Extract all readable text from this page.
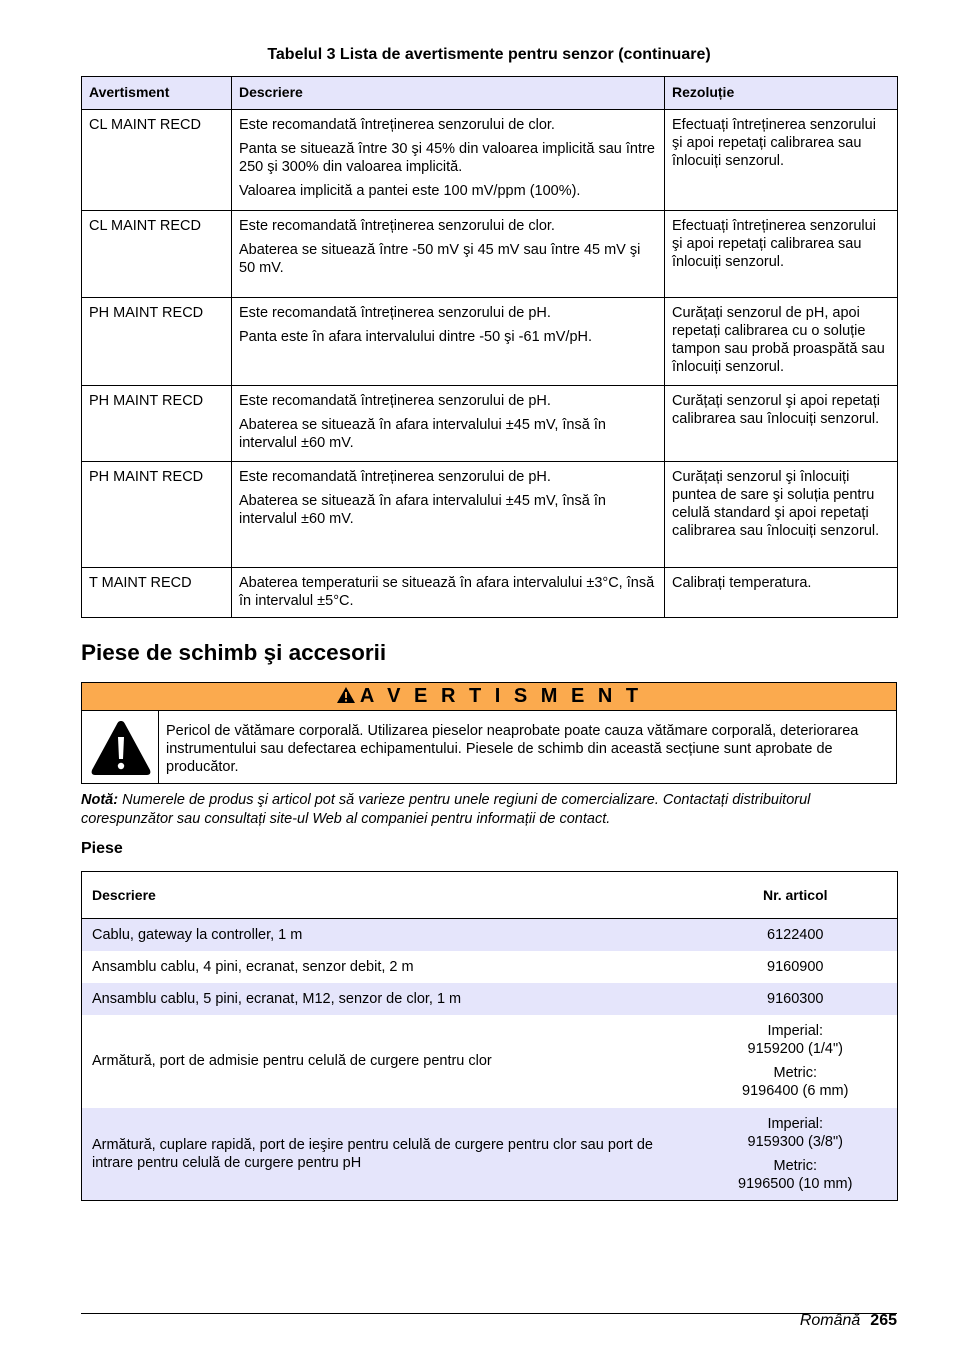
Tabelul 3 Lista de avertismente pentru senzor (continuare)
Avertisment	Descriere	Rezoluție
CL MAINT RECD	Este recomandată întreținerea senzorului de clor.

Panta se situează între 30 şi 45% din valoarea implicită sau între 250 şi 300% din valoarea implicită.

Valoarea implicită a pantei este 100 mV/ppm (100%).	Efectuați întreținerea senzorului şi apoi repetați calibrarea sau înlocuiți senzorul.
CL MAINT RECD	Este recomandată întreținerea senzorului de clor.

Abaterea se situează între -50 mV şi 45 mV sau între 45 mV şi 50 mV.	Efectuați întreținerea senzorului şi apoi repetați calibrarea sau înlocuiți senzorul.
PH MAINT RECD	Este recomandată întreținerea senzorului de pH.

Panta este în afara intervalului dintre -50 şi -61 mV/pH.	Curățați senzorul de pH, apoi repetați calibrarea cu o soluție tampon sau probă proaspătă sau înlocuiți senzorul.
PH MAINT RECD	Este recomandată întreținerea senzorului de pH.

Abaterea se situează în afara intervalului ±45 mV, însă în intervalul ±60 mV.	Curățați senzorul şi apoi repetați calibrarea sau înlocuiți senzorul.
PH MAINT RECD	Este recomandată întreținerea senzorului de pH.

Abaterea se situează în afara intervalului ±45 mV, însă în intervalul ±60 mV.	Curățați senzorul şi înlocuiți puntea de sare şi soluția pentru celulă standard şi apoi repetați calibrarea sau înlocuiți senzorul.
T MAINT RECD	Abaterea temperaturii se situează în afara intervalului ±3°C, însă în intervalul ±5°C.	Calibrați temperatura.
Piese de schimb şi accesorii
A V E R T I S M E N T
Pericol de vătămare corporală. Utilizarea pieselor neaprobate poate cauza vătămare corporală, deteriorarea instrumentului sau defectarea echipamentului. Piesele de schimb din această secțiune sunt aprobate de producător.
Notă: Numerele de produs şi articol pot să varieze pentru unele regiuni de comercializare. Contactați distribuitorul corespunzător sau consultați site-ul Web al companiei pentru informații de contact.
Piese
Descriere	Nr. articol
Cablu, gateway la controller, 1 m	6122400
Ansamblu cablu, 4 pini, ecranat, senzor debit, 2 m	9160900
Ansamblu cablu, 5 pini, ecranat, M12, senzor de clor, 1 m	9160300
Armătură, port de admisie pentru celulă de curgere pentru clor	Imperial:
9159200 (1/4")

Metric:
9196400 (6 mm)

Armătură, cuplare rapidă, port de ieşire pentru celulă de curgere pentru clor sau port de intrare pentru celulă de curgere pentru pH	Imperial:
9159300 (3/8")

Metric:
9196500 (10 mm)

Română 265
